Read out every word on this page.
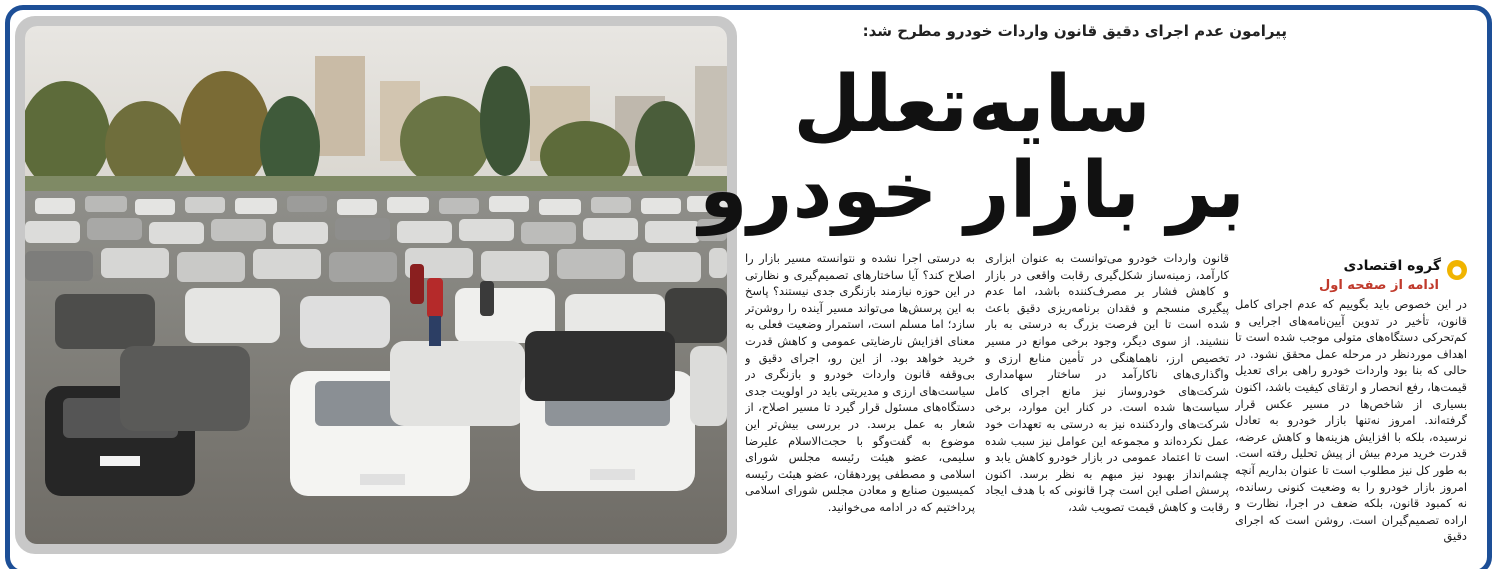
پیرامون عدم اجرای دقیق قانون واردات خودرو مطرح شد:
سایه‌تعلل
بر بازار خودرو
●
گروه اقتصادی
ادامه از صفحه اول
در این خصوص باید بگوییم که عدم اجرای کامل قانون، تأخیر در تدوین آیین‌نامه‌های اجرایی و کم‌تحرکی دستگاه‌های متولی موجب شده است تا اهداف موردنظر در مرحله عمل محقق نشود. در حالی که بنا بود واردات خودرو راهی برای تعدیل قیمت‌ها، رفع انحصار و ارتقای کیفیت باشد، اکنون بسیاری از شاخص‌ها در مسیر عکس قرار گرفته‌اند. امروز نه‌تنها بازار خودرو به تعادل نرسیده، بلکه با افزایش هزینه‌ها و کاهش عرضه، قدرت خرید مردم بیش از پیش تحلیل رفته است. به طور کل نیز مطلوب است تا عنوان بداریم آنچه امروز بازار خودرو را به وضعیت کنونی رسانده، نه کمبود قانون، بلکه ضعف در اجرا، نظارت و اراده تصمیم‌گیران است. روشن است که اجرای دقیق
قانون واردات خودرو می‌توانست به عنوان ابزاری کارآمد، زمینه‌ساز شکل‌گیری رقابت واقعی در بازار و کاهش فشار بر مصرف‌کننده باشد، اما عدم پیگیری منسجم و فقدان برنامه‌ریزی دقیق باعث شده است تا این فرصت بزرگ به درستی به بار ننشیند. از سوی دیگر، وجود برخی موانع در مسیر تخصیص ارز، ناهماهنگی در تأمین منابع ارزی و واگذاری‌های ناکارآمد در ساختار سهامداری شرکت‌های خودروساز نیز مانع اجرای کامل سیاست‌ها شده است. در کنار این موارد، برخی شرکت‌های واردکننده نیز به درستی به تعهدات خود عمل نکرده‌اند و مجموعه این عوامل نیز سبب شده است تا اعتماد عمومی در بازار خودرو کاهش یابد و چشم‌انداز بهبود نیز مبهم به نظر برسد. اکنون پرسش اصلی این است چرا قانونی که با هدف ایجاد رقابت و کاهش قیمت تصویب شد،
به درستی اجرا نشده و نتوانسته مسیر بازار را اصلاح کند؟ آیا ساختارهای تصمیم‌گیری و نظارتی در این حوزه نیازمند بازنگری جدی نیستند؟ پاسخ به این پرسش‌ها می‌تواند مسیر آینده را روشن‌تر سازد؛ اما مسلم است، استمرار وضعیت فعلی به معنای افزایش نارضایتی عمومی و کاهش قدرت خرید خواهد بود. از این رو، اجرای دقیق و بی‌وقفه قانون واردات خودرو و بازنگری در سیاست‌های ارزی و مدیریتی باید در اولویت جدی دستگاه‌های مسئول قرار گیرد تا مسیر اصلاح، از شعار به عمل برسد. در بررسی بیش‌تر این موضوع به گفت‌وگو با حجت‌الاسلام علیرضا سلیمی، عضو هیئت رئیسه مجلس شورای اسلامی و مصطفی پوردهقان، عضو هیئت رئیسه کمیسیون صنایع و معادن مجلس شورای اسلامی پرداختیم که در ادامه می‌خوانید.
